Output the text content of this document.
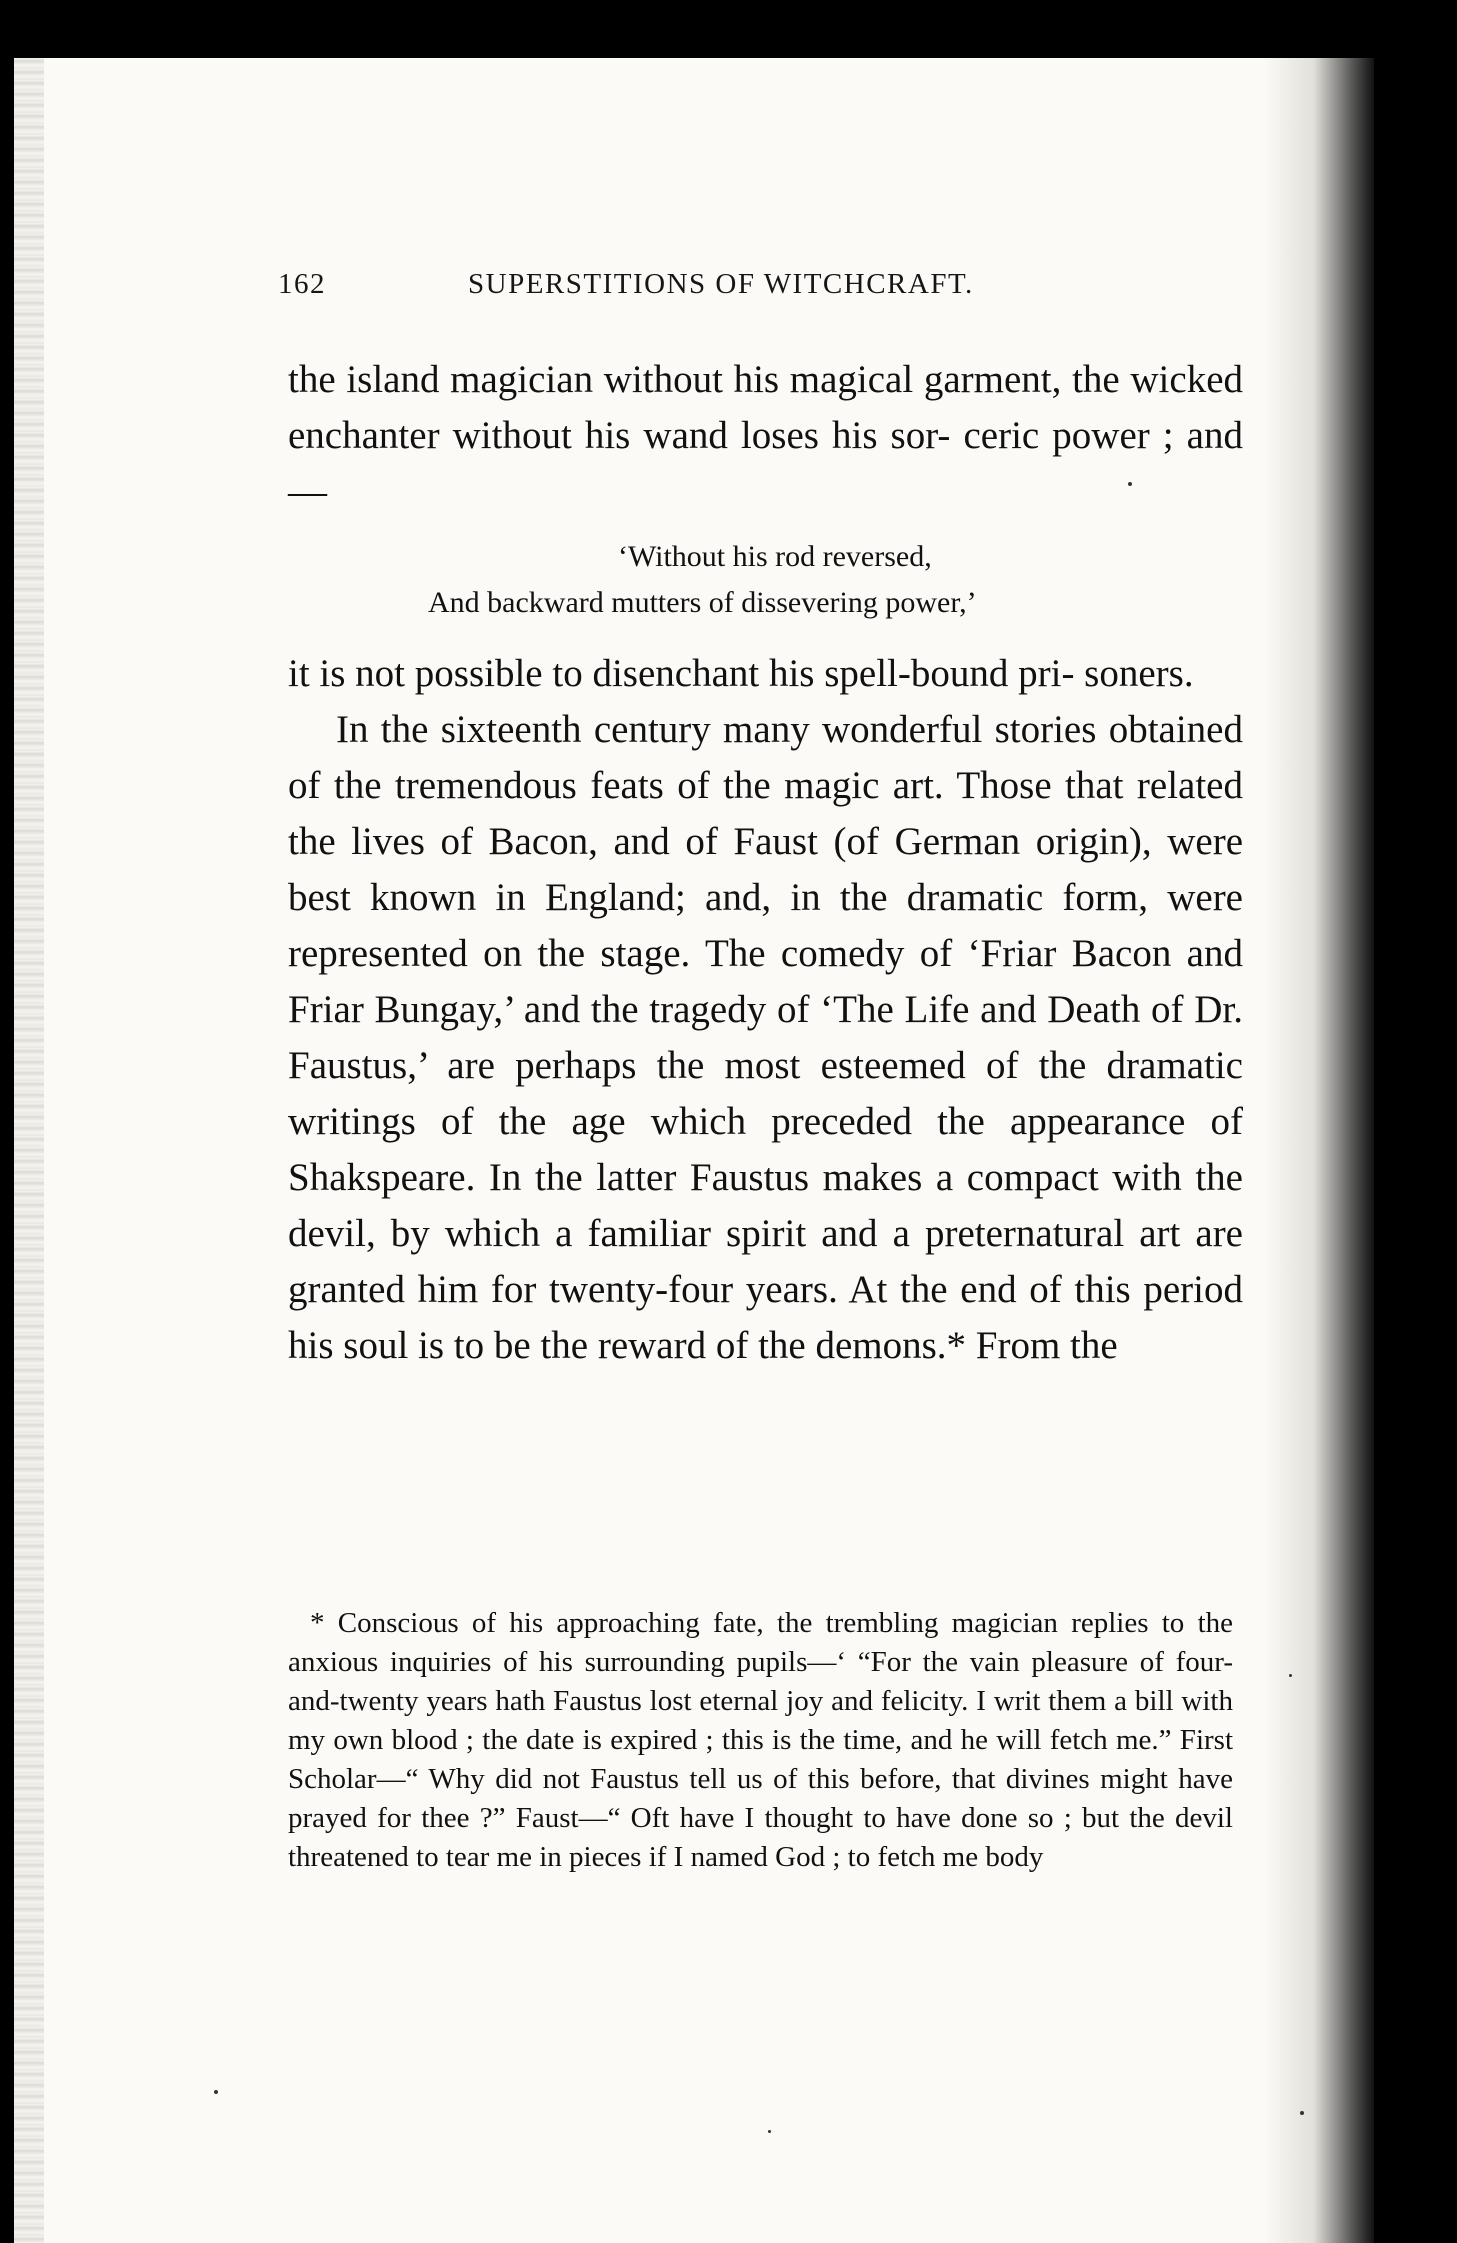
162	SUPERSTITIONS OF WITCHCRAFT.

the island magician without his magical garment, the wicked enchanter without his wand loses his sor- ceric power ; and—

‘Without his rod reversed,
And backward mutters of dissevering power,’

it is not possible to disenchant his spell-bound pri- soners.

In the sixteenth century many wonderful stories obtained of the tremendous feats of the magic art. Those that related the lives of Bacon, and of Faust (of German origin), were best known in England; and, in the dramatic form, were represented on the stage. The comedy of ‘Friar Bacon and Friar Bungay,’ and the tragedy of ‘The Life and Death of Dr. Faustus,’ are perhaps the most esteemed of the dramatic writings of the age which preceded the appearance of Shakspeare. In the latter Faustus makes a compact with the devil, by which a familiar spirit and a preternatural art are granted him for twenty-four years. At the end of this period his soul is to be the reward of the demons.* From the

* Conscious of his approaching fate, the trembling magician replies to the anxious inquiries of his surrounding pupils—‘ “For the vain pleasure of four-and-twenty years hath Faustus lost eternal joy and felicity. I writ them a bill with my own blood ; the date is expired ; this is the time, and he will fetch me.” First Scholar—“ Why did not Faustus tell us of this before, that divines might have prayed for thee ?” Faust—“ Oft have I thought to have done so ; but the devil threatened to tear me in pieces if I named God ; to fetch me body
